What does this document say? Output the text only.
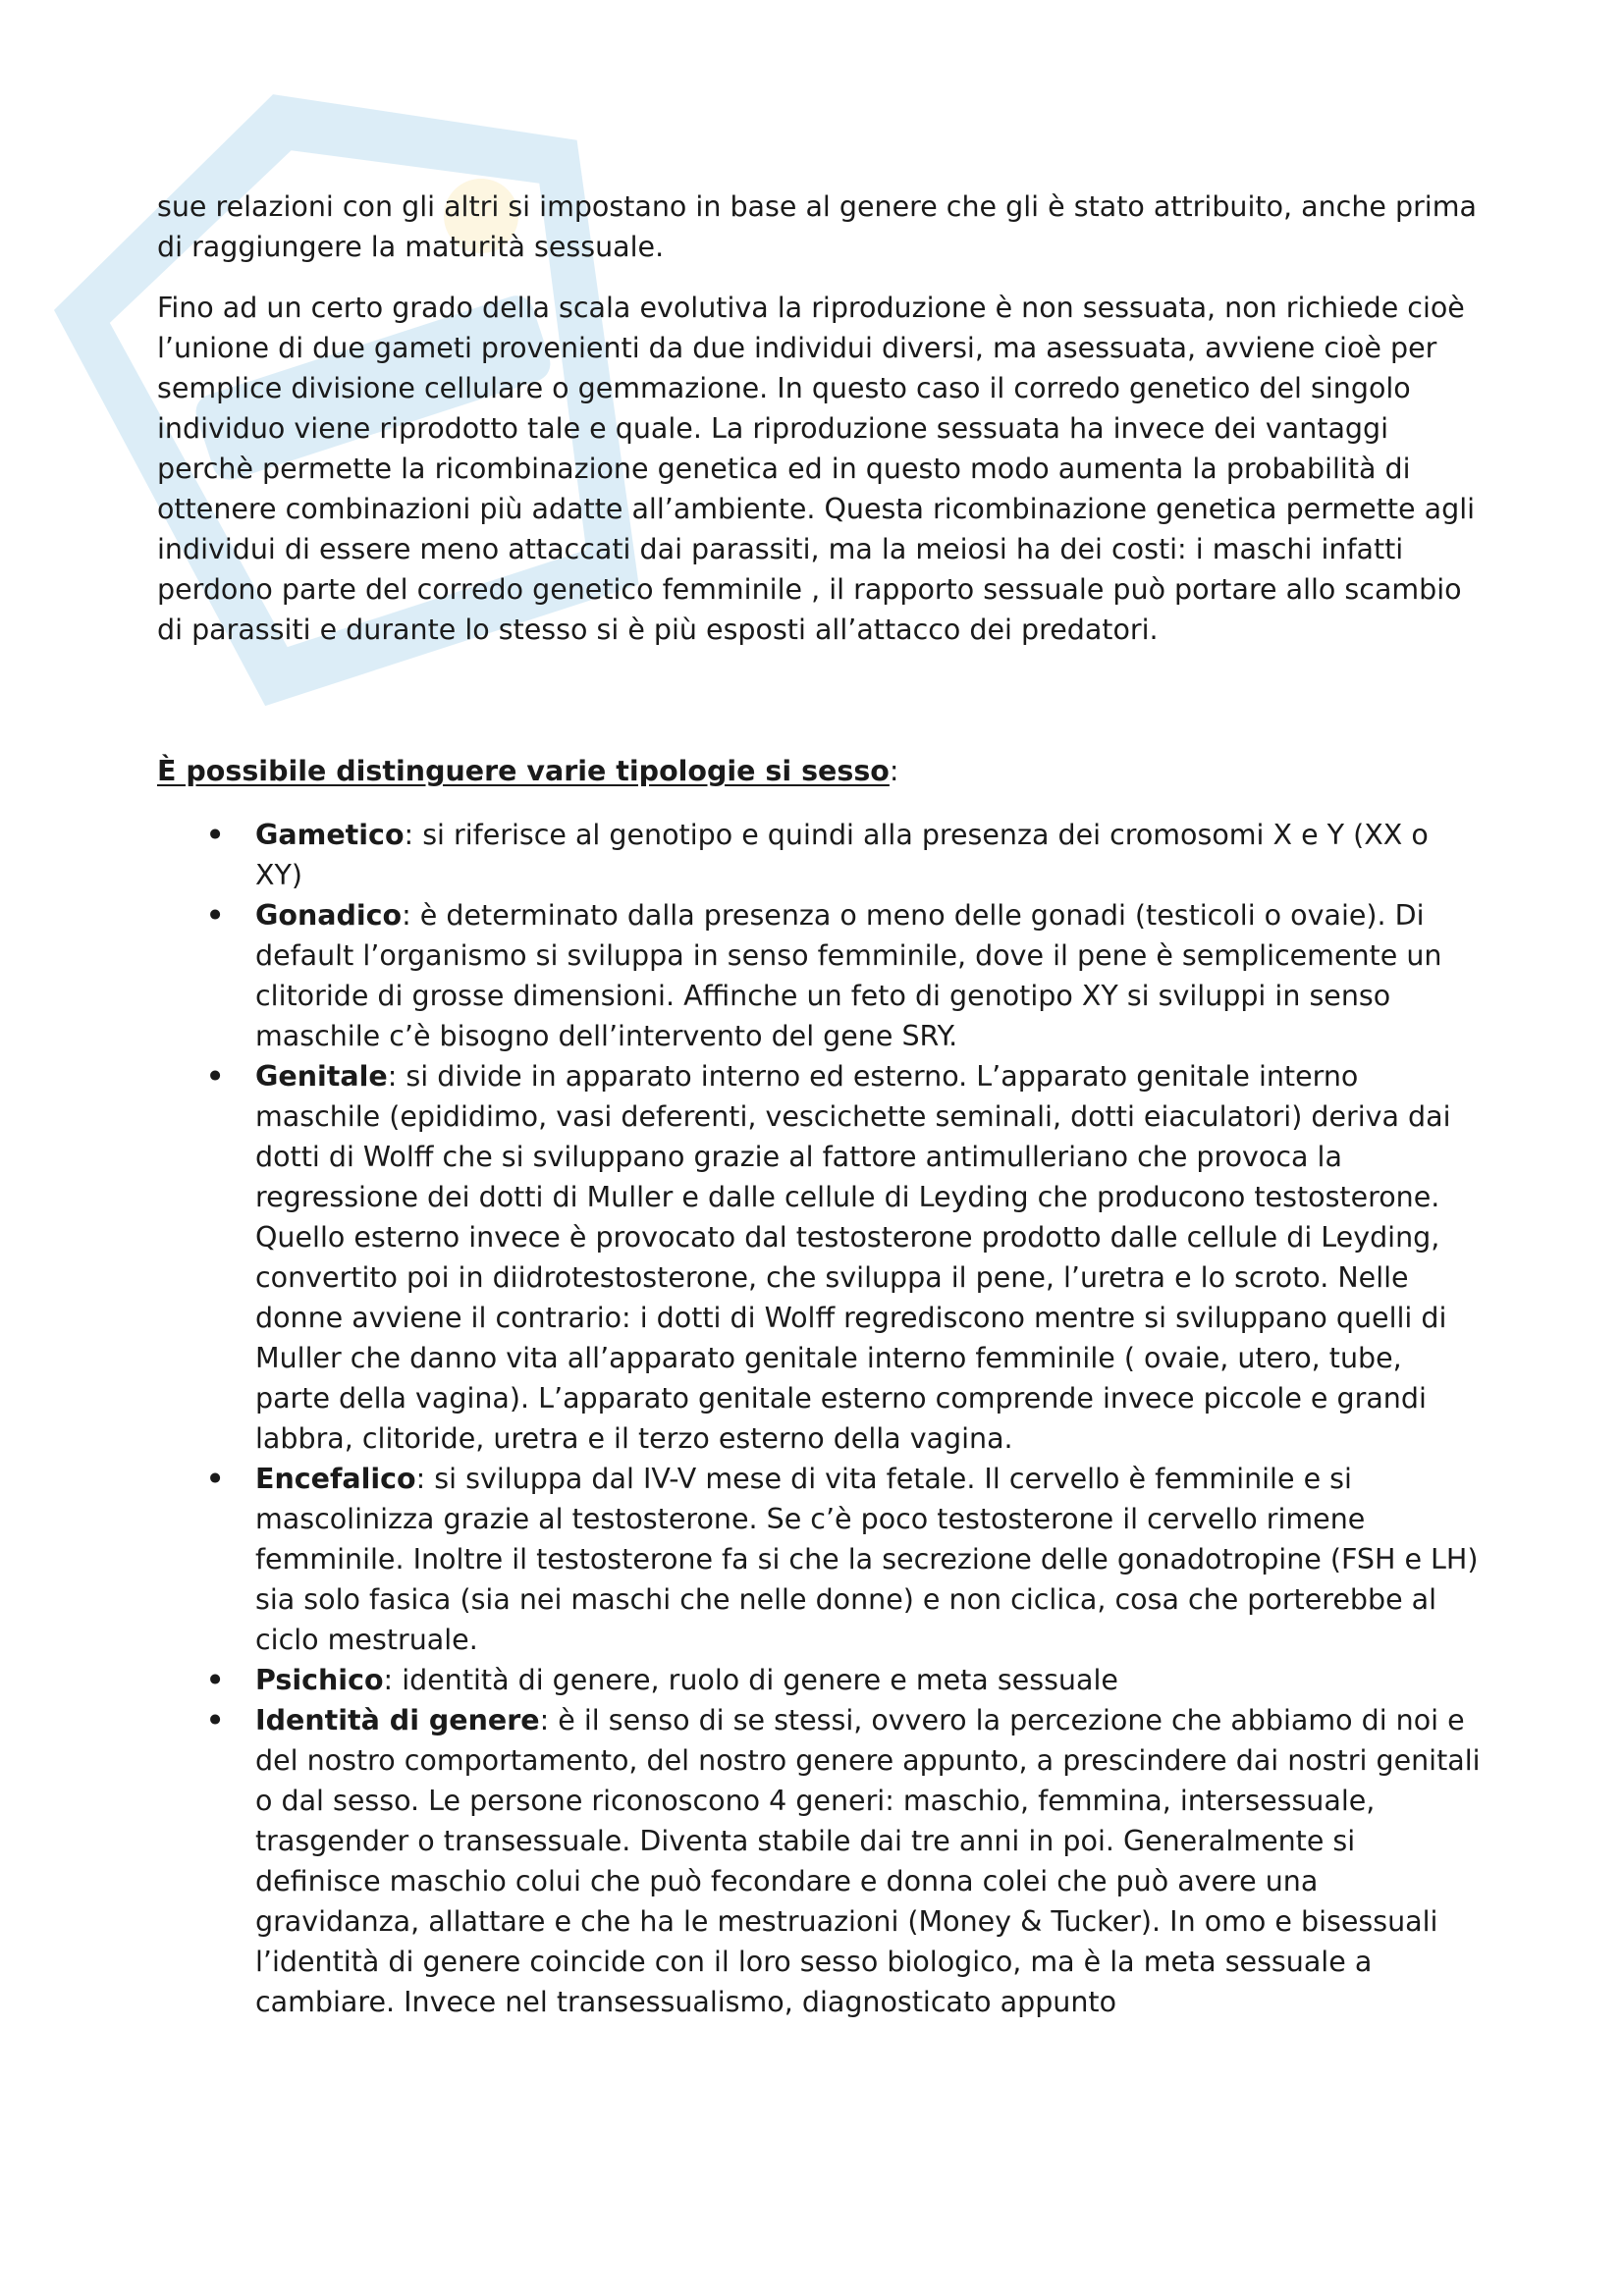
sue relazioni con gli altri si impostano in base al genere che gli è stato attribuito, anche prima di raggiungere la maturità sessuale.

Fino ad un certo grado della scala evolutiva la riproduzione è non sessuata, non richiede cioè l’unione di due gameti provenienti da due individui diversi, ma asessuata, avviene cioè per semplice divisione cellulare o gemmazione. In questo caso il corredo genetico del singolo individuo viene riprodotto tale e quale. La riproduzione sessuata ha invece dei vantaggi perchè permette la ricombinazione genetica ed in questo modo aumenta la probabilità di ottenere combinazioni più adatte all’ambiente. Questa ricombinazione genetica permette agli individui di essere meno attaccati dai parassiti, ma la meiosi ha dei costi: i maschi infatti perdono parte del corredo genetico femminile , il rapporto sessuale può portare allo scambio di parassiti e durante lo stesso si è più esposti all’attacco dei predatori.

È possibile distinguere varie tipologie si sesso:

• Gametico: si riferisce al genotipo e quindi alla presenza dei cromosomi X e Y (XX o XY)
• Gonadico: è determinato dalla presenza o meno delle gonadi (testicoli o ovaie). Di default l’organismo si sviluppa in senso femminile, dove il pene è semplicemente un clitoride di grosse dimensioni. Affinche un feto di genotipo XY si sviluppi in senso maschile c’è bisogno dell’intervento del gene SRY.
• Genitale: si divide in apparato interno ed esterno. L’apparato genitale interno maschile (epididimo, vasi deferenti, vescichette seminali, dotti eiaculatori) deriva dai dotti di Wolff che si sviluppano grazie al fattore antimulleriano che provoca la regressione dei dotti di Muller e dalle cellule di Leyding che producono testosterone. Quello esterno invece è provocato dal testosterone prodotto dalle cellule di Leyding, convertito poi in diidrotestosterone, che sviluppa il pene, l’uretra e lo scroto. Nelle donne avviene il contrario: i dotti di Wolff regrediscono mentre si sviluppano quelli di Muller che danno vita all’apparato genitale interno femminile ( ovaie, utero, tube, parte della vagina). L’apparato genitale esterno comprende invece piccole e grandi labbra, clitoride, uretra e il terzo esterno della vagina.
• Encefalico: si sviluppa dal IV-V mese di vita fetale. Il cervello è femminile e si mascolinizza grazie al testosterone. Se c’è poco testosterone il cervello rimene femminile. Inoltre il testosterone fa si che la secrezione delle gonadotropine (FSH e LH) sia solo fasica (sia nei maschi che nelle donne) e non ciclica, cosa che porterebbe al ciclo mestruale.
• Psichico: identità di genere, ruolo di genere e meta sessuale
• Identità di genere: è il senso di se stessi, ovvero la percezione che abbiamo di noi e del nostro comportamento, del nostro genere appunto, a prescindere dai nostri genitali o dal sesso. Le persone riconoscono 4 generi: maschio, femmina, intersessuale, trasgender o transessuale. Diventa stabile dai tre anni in poi. Generalmente si definisce maschio colui che può fecondare e donna colei che può avere una gravidanza, allattare e che ha le mestruazioni (Money & Tucker). In omo e bisessuali l’identità di genere coincide con il loro sesso biologico, ma è la meta sessuale a cambiare. Invece nel transessualismo, diagnosticato appunto
